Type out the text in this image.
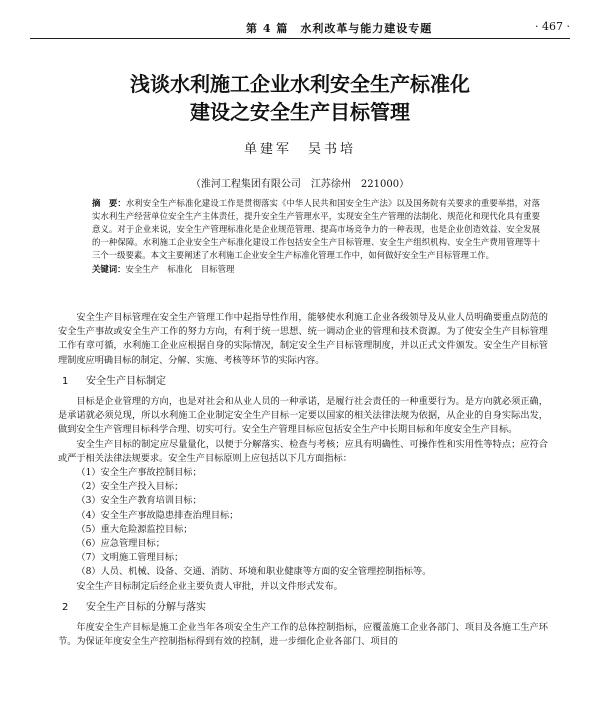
第 4 篇　水利改革与能力建设专题	· 467 ·
浅谈水利施工企业水利安全生产标准化
建设之安全生产目标管理
单建军　吴书培
（淮河工程集团有限公司　江苏徐州　221000）
摘　要：水利安全生产标准化建设工作是贯彻落实《中华人民共和国安全生产法》以及国务院有关要求的重要举措，对落实水利生产经营单位安全生产主体责任，提升安全生产管理水平，实现安全生产管理的法制化、规范化和现代化具有重要意义。对于企业来说，安全生产管理标准化是企业规范管理、提高市场竞争力的一种表现，也是企业创造效益、安全发展的一种保障。水利施工企业安全生产标准化建设工作包括安全生产目标管理、安全生产组织机构、安全生产费用管理等十三个一级要素。本文主要阐述了水利施工企业安全生产标准化管理工作中，如何做好安全生产目标管理工作。
关键词：安全生产　标准化　目标管理

安全生产目标管理在安全生产管理工作中起指导性作用，能够使水利施工企业各级领导及从业人员明确要重点防范的安全生产事故或安全生产工作的努力方向，有利于统一思想、统一调动企业的管理和技术资源。为了使安全生产目标管理工作有章可循，水利施工企业应根据自身的实际情况，制定安全生产目标管理制度，并以正式文件颁发。安全生产目标管理制度应明确目标的制定、分解、实施、考核等环节的实际内容。

1 安全生产目标制定

目标是企业管理的方向，也是对社会和从业人员的一种承诺，是履行社会责任的一种重要行为。是方向就必须正确，是承诺就必须兑现，所以水利施工企业制定安全生产目标一定要以国家的相关法律法规为依据，从企业的自身实际出发，做到安全生产管理目标科学合理、切实可行。安全生产管理目标应包括安全生产中长期目标和年度安全生产目标。

安全生产目标的制定应尽量量化，以便于分解落实、检查与考核；应具有明确性、可操作性和实用性等特点；应符合或严于相关法律法规要求。安全生产目标原则上应包括以下几方面指标：

（1）安全生产事故控制目标；

（2）安全生产投入目标；

（3）安全生产教育培训目标；

（4）安全生产事故隐患排查治理目标；

（5）重大危险源监控目标；

（6）应急管理目标；

（7）文明施工管理目标；

（8）人员、机械、设备、交通、消防、环境和职业健康等方面的安全管理控制指标等。

安全生产目标制定后经企业主要负责人审批，并以文件形式发布。

2 安全生产目标的分解与落实

年度安全生产目标是施工企业当年各项安全生产工作的总体控制指标，应覆盖施工企业各部门、项目及各施工生产环节。为保证年度安全生产控制指标得到有效的控制，进一步细化企业各部门、项目的
